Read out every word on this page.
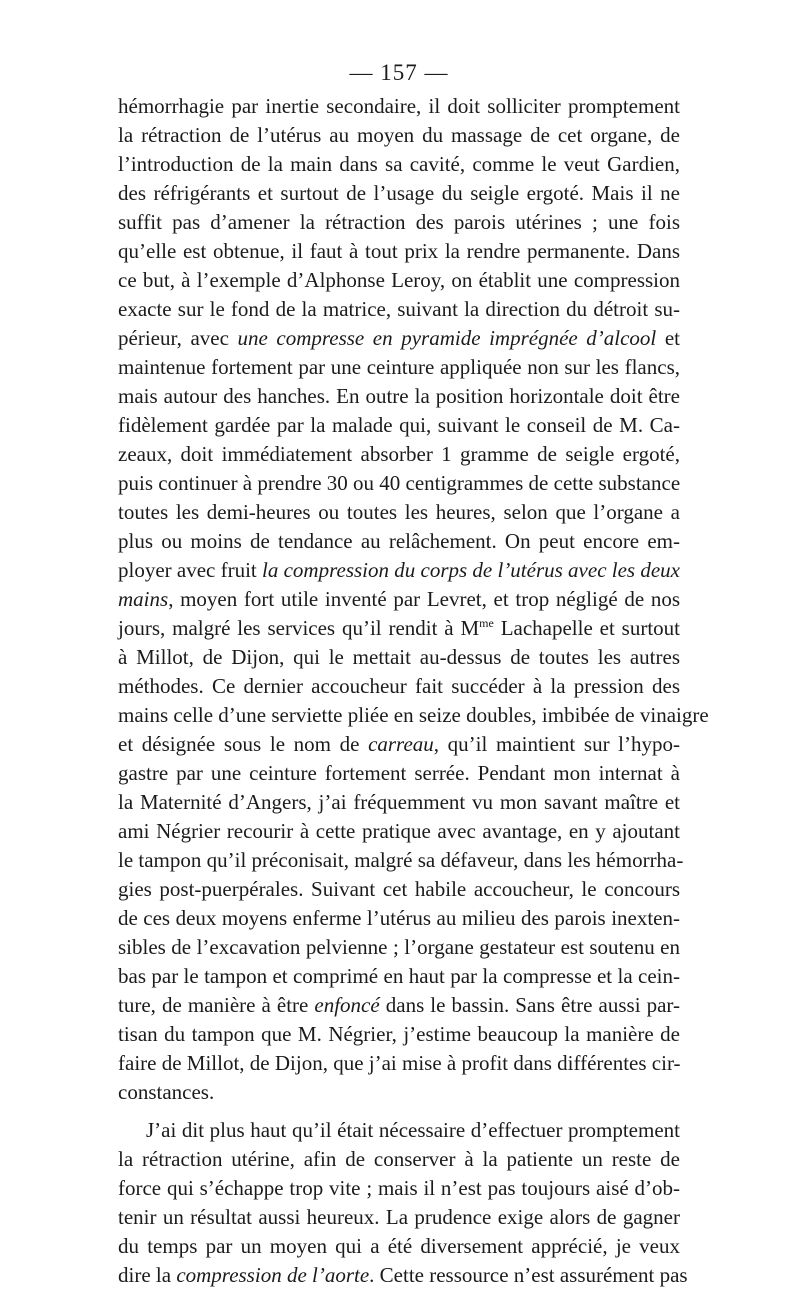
— 157 —
hémorrhagie par inertie secondaire, il doit solliciter promptement
la rétraction de l’utérus au moyen du massage de cet organe, de
l’introduction de la main dans sa cavité, comme le veut Gardien,
des réfrigérants et surtout de l’usage du seigle ergoté. Mais il ne
suffit pas d’amener la rétraction des parois utérines ; une fois
qu’elle est obtenue, il faut à tout prix la rendre permanente. Dans
ce but, à l’exemple d’Alphonse Leroy, on établit une compression
exacte sur le fond de la matrice, suivant la direction du détroit su-
périeur, avec une compresse en pyramide imprégnée d’alcool et
maintenue fortement par une ceinture appliquée non sur les flancs,
mais autour des hanches. En outre la position horizontale doit être
fidèlement gardée par la malade qui, suivant le conseil de M. Ca-
zeaux, doit immédiatement absorber 1 gramme de seigle ergoté,
puis continuer à prendre 30 ou 40 centigrammes de cette substance
toutes les demi-heures ou toutes les heures, selon que l’organe a
plus ou moins de tendance au relâchement. On peut encore em-
ployer avec fruit la compression du corps de l’utérus avec les deux
mains, moyen fort utile inventé par Levret, et trop négligé de nos
jours, malgré les services qu’il rendit à $M^{me}$ Lachapelle et surtout
à Millot, de Dijon, qui le mettait au-dessus de toutes les autres
méthodes. Ce dernier accoucheur fait succéder à la pression des
mains celle d’une serviette pliée en seize doubles, imbibée de vinaigre
et désignée sous le nom de carreau, qu’il maintient sur l’hypo-
gastre par une ceinture fortement serrée. Pendant mon internat à
la Maternité d’Angers, j’ai fréquemment vu mon savant maître et
ami Négrier recourir à cette pratique avec avantage, en y ajoutant
le tampon qu’il préconisait, malgré sa défaveur, dans les hémorrha-
gies post-puerpérales. Suivant cet habile accoucheur, le concours
de ces deux moyens enferme l’utérus au milieu des parois inexten-
sibles de l’excavation pelvienne ; l’organe gestateur est soutenu en
bas par le tampon et comprimé en haut par la compresse et la cein-
ture, de manière à être enfoncé dans le bassin. Sans être aussi par-
tisan du tampon que M. Négrier, j’estime beaucoup la manière de
faire de Millot, de Dijon, que j’ai mise à profit dans différentes cir-
constances.
J’ai dit plus haut qu’il était nécessaire d’effectuer promptement
la rétraction utérine, afin de conserver à la patiente un reste de
force qui s’échappe trop vite ; mais il n’est pas toujours aisé d’ob-
tenir un résultat aussi heureux. La prudence exige alors de gagner
du temps par un moyen qui a été diversement apprécié, je veux
dire la compression de l’aorte. Cette ressource n’est assurément pas
